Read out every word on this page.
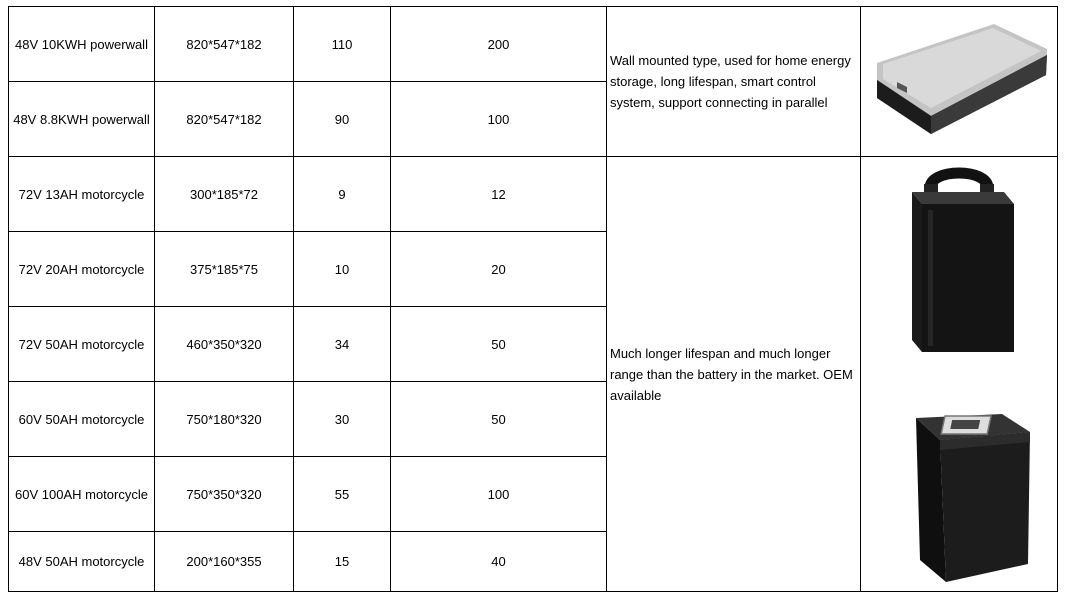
48V 10KWH powerwall	820*547*182	110	200	Wall mounted type, used for home energy storage, long lifespan, smart control system, support connecting in parallel	

48V 8.8KWH powerwall	820*547*182	90	100		
72V 13AH motorcycle	300*185*72	9	12	Much longer lifespan and much longer range than the battery in the market. OEM available	

72V 20AH motorcycle	375*185*75	10	20		
72V 50AH motorcycle	460*350*320	34	50		
60V 50AH motorcycle	750*180*320	30	50		
60V 100AH motorcycle	750*350*320	55	100		
48V 50AH motorcycle	200*160*355	15	40		
